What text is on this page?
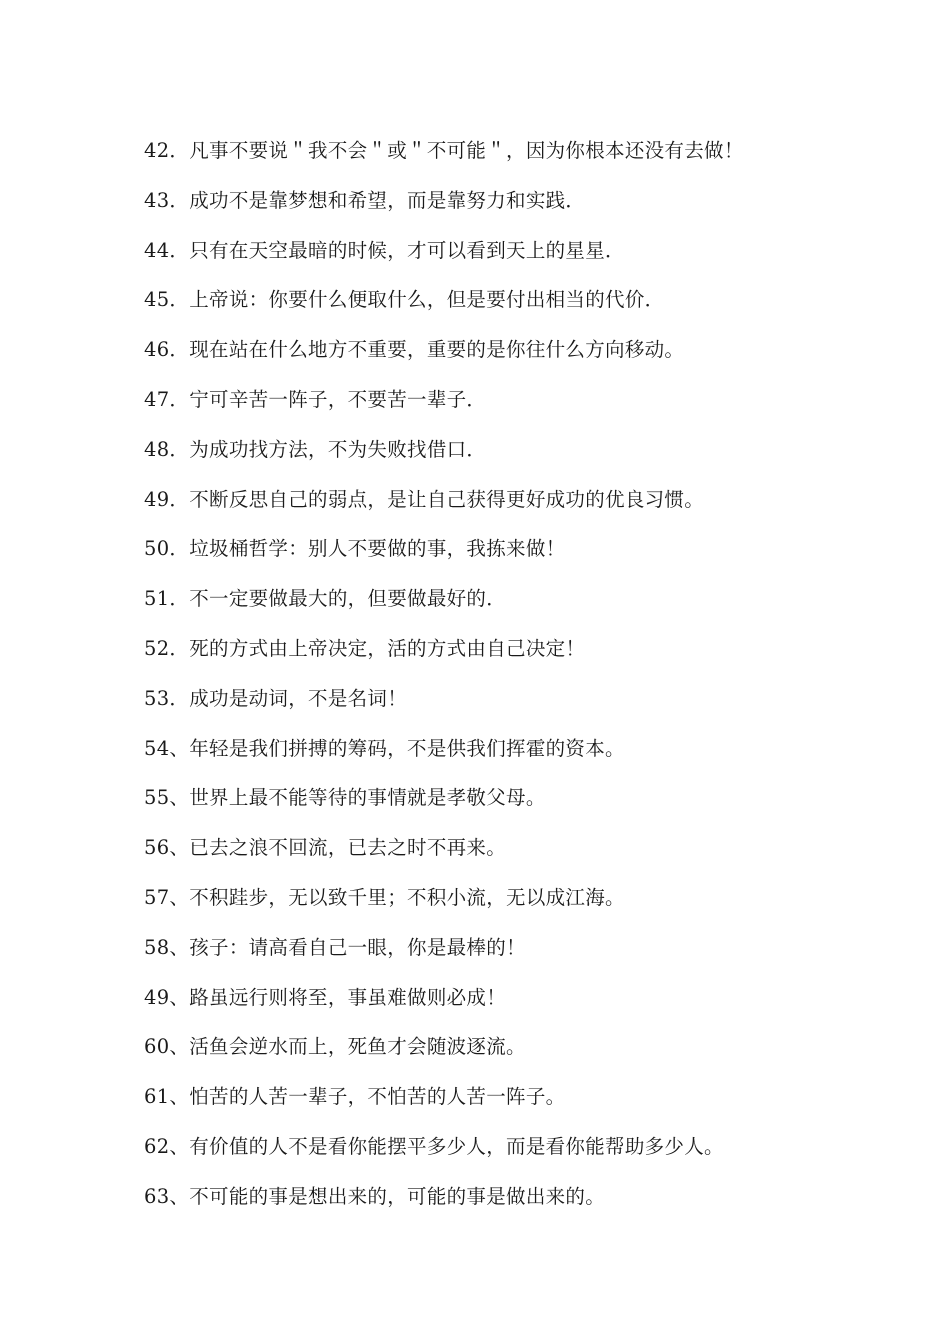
42．凡事不要说＂我不会＂或＂不可能＂，因为你根本还没有去做！
43．成功不是靠梦想和希望，而是靠努力和实践．
44．只有在天空最暗的时候，才可以看到天上的星星．
45．上帝说：你要什么便取什么，但是要付出相当的代价．
46．现在站在什么地方不重要，重要的是你往什么方向移动。
47．宁可辛苦一阵子，不要苦一辈子．
48．为成功找方法，不为失败找借口．
49．不断反思自己的弱点，是让自己获得更好成功的优良习惯。
50．垃圾桶哲学：别人不要做的事，我拣来做！
51．不一定要做最大的，但要做最好的．
52．死的方式由上帝决定，活的方式由自己决定！
53．成功是动词，不是名词！
54、年轻是我们拼搏的筹码，不是供我们挥霍的资本。
55、世界上最不能等待的事情就是孝敬父母。
56、已去之浪不回流，已去之时不再来。
57、不积跬步，无以致千里；不积小流，无以成江海。
58、孩子：请高看自己一眼，你是最棒的！
49、路虽远行则将至，事虽难做则必成！
60、活鱼会逆水而上，死鱼才会随波逐流。
61、怕苦的人苦一辈子，不怕苦的人苦一阵子。
62、有价值的人不是看你能摆平多少人，而是看你能帮助多少人。
63、不可能的事是想出来的，可能的事是做出来的。
